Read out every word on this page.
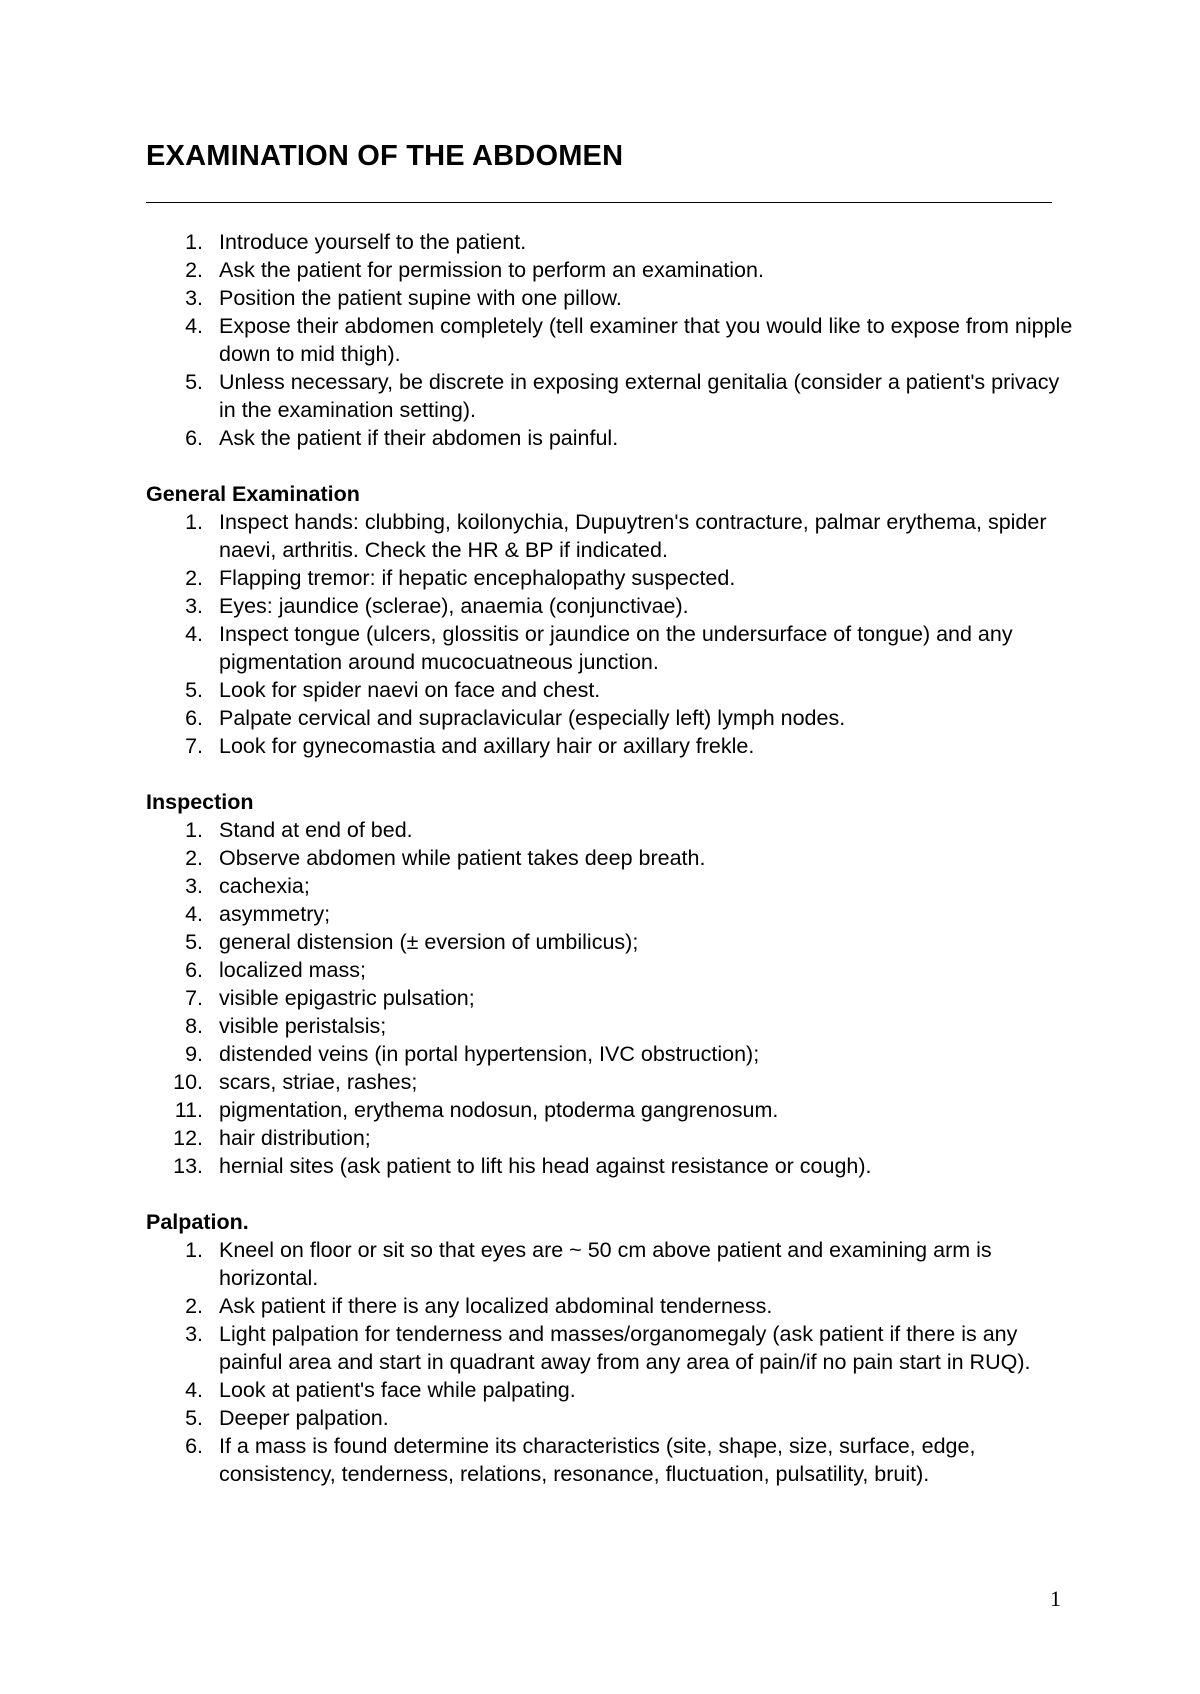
EXAMINATION OF THE ABDOMEN
1. Introduce yourself to the patient.
2. Ask the patient for permission to perform an examination.
3. Position the patient supine with one pillow.
4. Expose their abdomen completely (tell examiner that you would like to expose from nipple down to mid thigh).
5. Unless necessary, be discrete in exposing external genitalia (consider a patient's privacy in the examination setting).
6. Ask the patient if their abdomen is painful.
General Examination
1. Inspect hands: clubbing, koilonychia, Dupuytren's contracture, palmar erythema, spider naevi, arthritis. Check the HR & BP if indicated.
2. Flapping tremor: if hepatic encephalopathy suspected.
3. Eyes: jaundice (sclerae), anaemia (conjunctivae).
4. Inspect tongue (ulcers, glossitis or jaundice on the undersurface of tongue) and any pigmentation around mucocuatneous junction.
5. Look for spider naevi on face and chest.
6. Palpate cervical and supraclavicular (especially left) lymph nodes.
7. Look for gynecomastia and axillary hair or axillary frekle.
Inspection
1. Stand at end of bed.
2. Observe abdomen while patient takes deep breath.
3. cachexia;
4. asymmetry;
5. general distension (± eversion of umbilicus);
6. localized mass;
7. visible epigastric pulsation;
8. visible peristalsis;
9. distended veins (in portal hypertension, IVC obstruction);
10. scars, striae, rashes;
11. pigmentation, erythema nodosun, ptoderma gangrenosum.
12. hair distribution;
13. hernial sites (ask patient to lift his head against resistance or cough).
Palpation.
1. Kneel on floor or sit so that eyes are ~ 50 cm above patient and examining arm is horizontal.
2. Ask patient if there is any localized abdominal tenderness.
3. Light palpation for tenderness and masses/organomegaly (ask patient if there is any painful area and start in quadrant away from any area of pain/if no pain start in RUQ).
4. Look at patient's face while palpating.
5. Deeper palpation.
6. If a mass is found determine its characteristics (site, shape, size, surface, edge, consistency, tenderness, relations, resonance, fluctuation, pulsatility, bruit).
1
